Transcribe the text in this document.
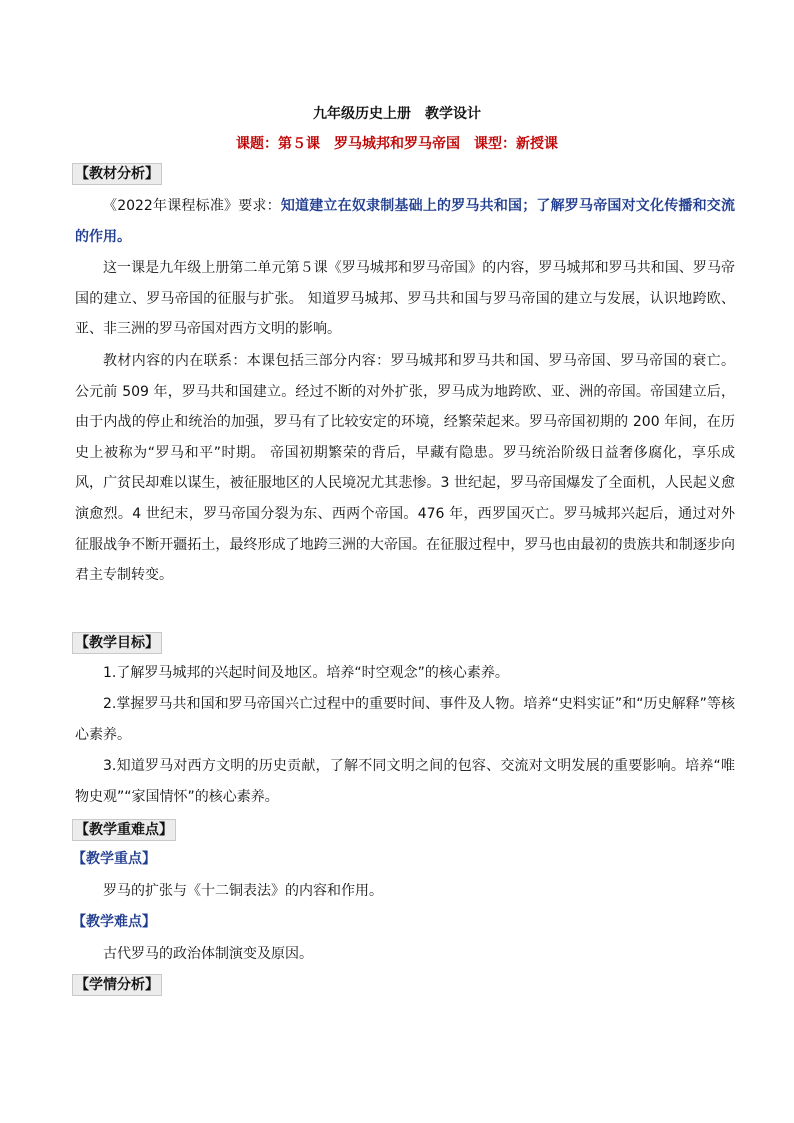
九年级历史上册　教学设计
课题：第５课　罗马城邦和罗马帝国　课型：新授课
【教材分析】

《2022年课程标准》要求：知道建立在奴隶制基础上的罗马共和国；了解罗马帝国对文化传播和交流的作用。

这一课是九年级上册第二单元第５课《罗马城邦和罗马帝国》的内容，罗马城邦和罗马共和国、罗马帝国的建立、罗马帝国的征服与扩张。 知道罗马城邦、罗马共和国与罗马帝国的建立与发展，认识地跨欧、亚、非三洲的罗马帝国对西方文明的影响。

教材内容的内在联系：本课包括三部分内容：罗马城邦和罗马共和国、罗马帝国、罗马帝国的衰亡。 公元前 509 年，罗马共和国建立。经过不断的对外扩张，罗马成为地跨欧、亚、洲的帝国。帝国建立后，由于内战的停止和统治的加强，罗马有了比较安定的环境，经繁荣起来。罗马帝国初期的 200 年间，在历史上被称为“罗马和平”时期。 帝国初期繁荣的背后，早藏有隐患。罗马统治阶级日益奢侈腐化，享乐成风，广贫民却难以谋生，被征服地区的人民境况尤其悲惨。3 世纪起，罗马帝国爆发了全面机，人民起义愈演愈烈。4 世纪末，罗马帝国分裂为东、西两个帝国。476 年，西罗国灭亡。罗马城邦兴起后，通过对外征服战争不断开疆拓土，最终形成了地跨三洲的大帝国。在征服过程中，罗马也由最初的贵族共和制逐步向君主专制转变。

【教学目标】

1.了解罗马城邦的兴起时间及地区。培养“时空观念”的核心素养。

2.掌握罗马共和国和罗马帝国兴亡过程中的重要时间、事件及人物。培养“史料实证”和“历史解释”等核心素养。

3.知道罗马对西方文明的历史贡献，了解不同文明之间的包容、交流对文明发展的重要影响。培养“唯物史观”“家国情怀”的核心素养。

【教学重难点】
【教学重点】

罗马的扩张与《十二铜表法》的内容和作用。

【教学难点】

古代罗马的政治体制演变及原因。

【学情分析】
